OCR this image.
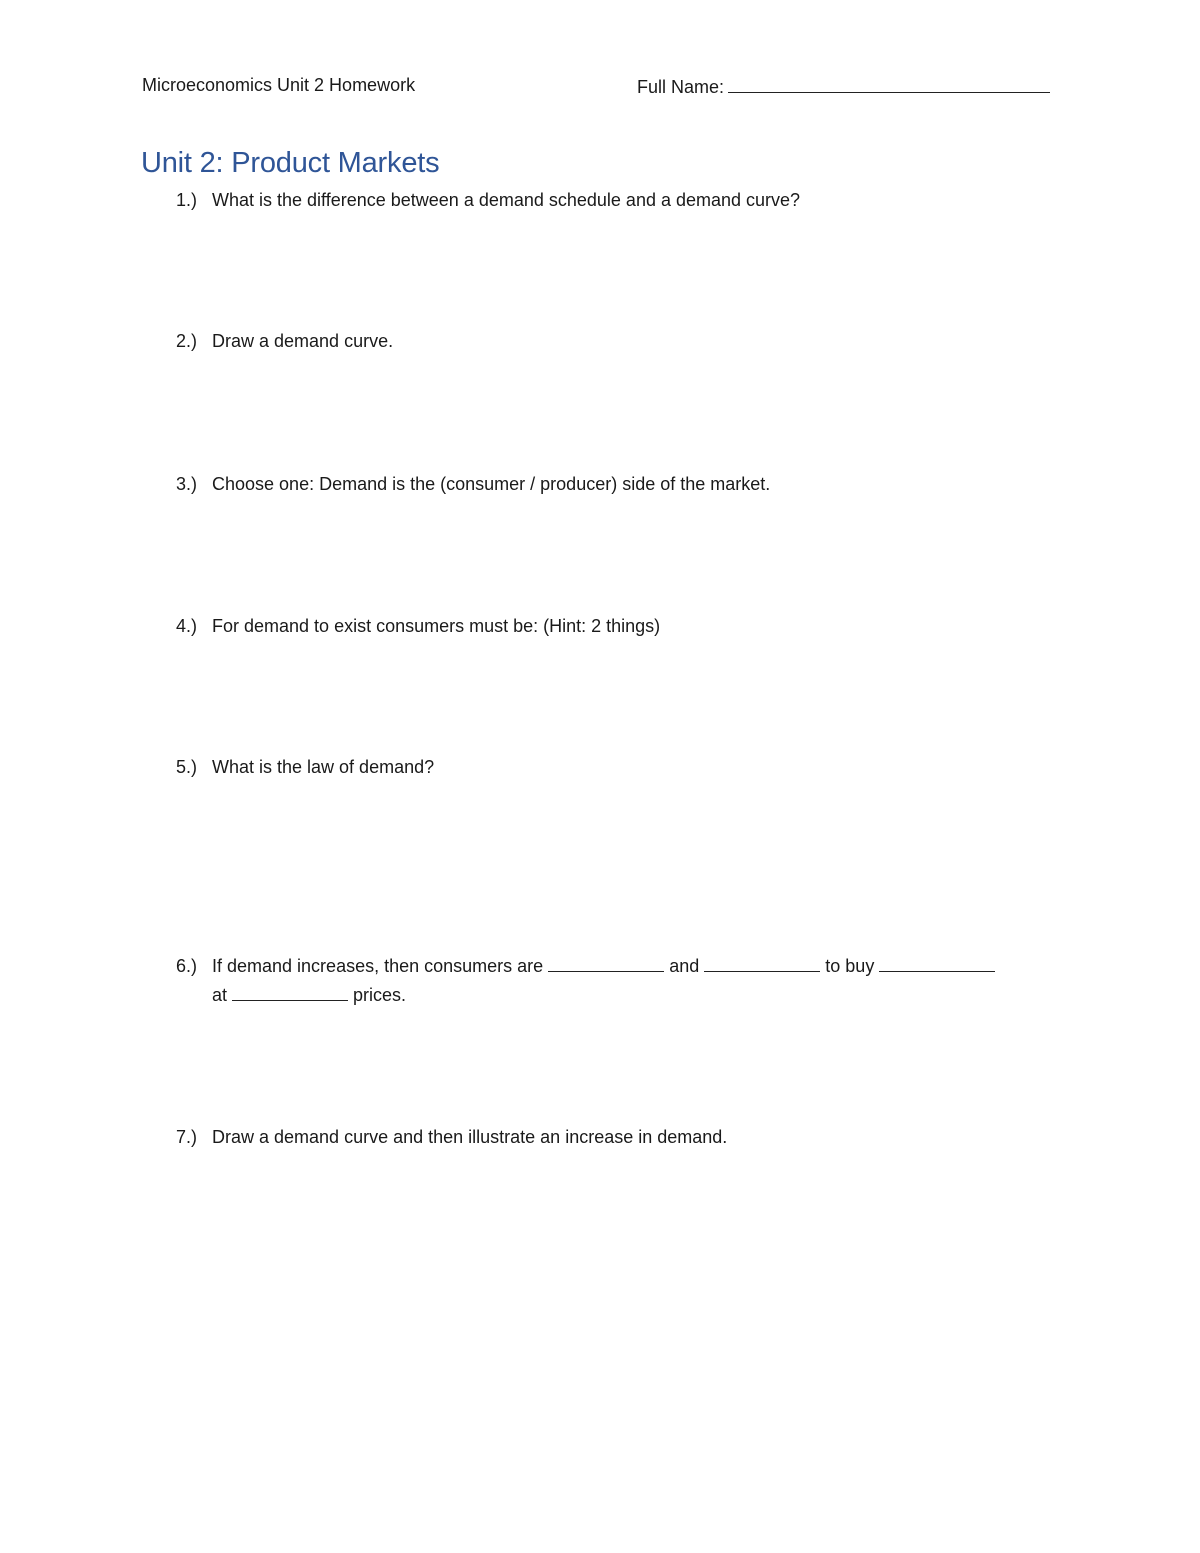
Microeconomics Unit 2 Homework	Full Name:
Unit 2: Product Markets
1.) What is the difference between a demand schedule and a demand curve?
2.) Draw a demand curve.
3.) Choose one: Demand is the (consumer / producer) side of the market.
4.) For demand to exist consumers must be: (Hint: 2 things)
5.) What is the law of demand?
6.) If demand increases, then consumers are	and	to buy
at	prices.
7.) Draw a demand curve and then illustrate an increase in demand.
